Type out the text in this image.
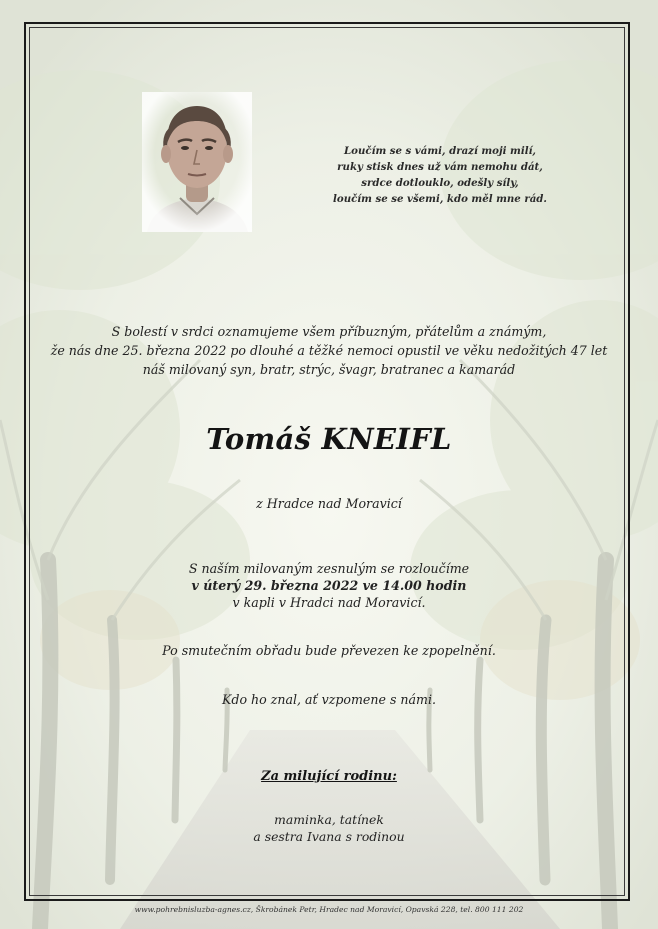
Loučím se s vámi, drazí moji milí,
ruky stisk dnes už vám nemohu dát,
srdce dotlouklo, odešly síly,
loučím se se všemi, kdo měl mne rád.
S bolestí v srdci oznamujeme všem příbuzným, přátelům a známým,
že nás dne 25. března 2022 po dlouhé a těžké nemoci opustil ve věku nedožitých 47 let
náš milovaný syn, bratr, strýc, švagr, bratranec a kamarád
Tomáš KNEIFL
z Hradce nad Moravicí
S naším milovaným zesnulým se rozloučíme
v úterý 29. března 2022 ve 14.00 hodin
v kapli v Hradci nad Moravicí.
Po smutečním obřadu bude převezen ke zpopelnění.
Kdo ho znal, ať vzpomene s námi.
Za milující rodinu:
maminka, tatínek
a sestra Ivana s rodinou
www.pohrebnisluzba-agnes.cz, Škrobánek Petr, Hradec nad Moravicí, Opavská 228, tel. 800 111 202
